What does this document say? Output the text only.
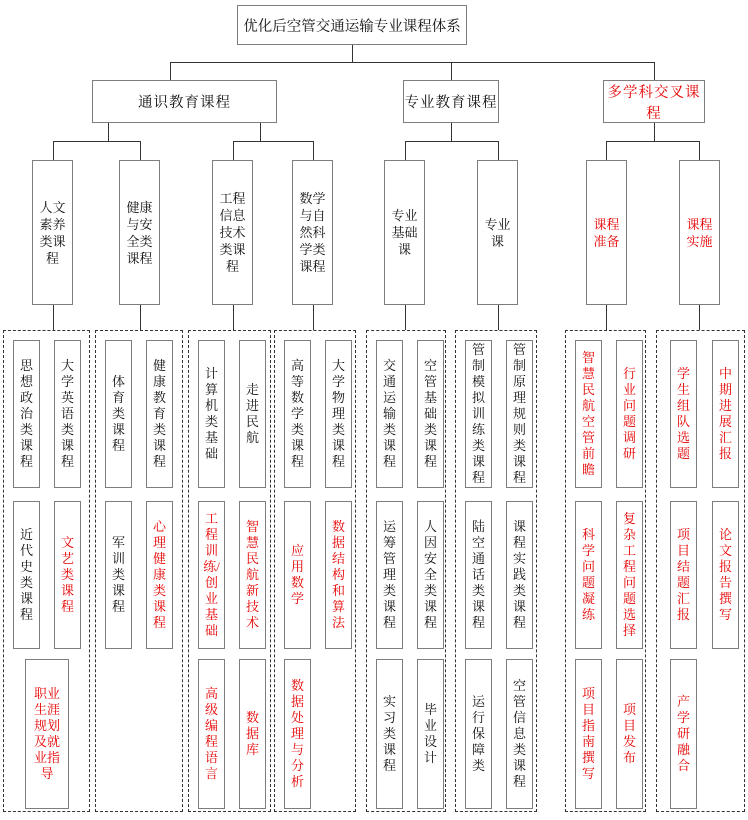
优化后空管交通运输专业课程体系
通识教育课程	专业教育课程
多学科交叉课程
人文素养类课程
健康与安全类课程
工程信息技术类课程
数学与自然科学类课程
专业基础课
专业课
课程准备
课程实施
思想政治类课程
大学英语类课程
近代史类课程
文艺类课程
职业生涯规划及就业指导
体育类课程
健康教育类课程
军训类课程
心理健康类课程
计算机类基础
走进民航
工程训练/创业基础
智慧民航新技术
高级编程语言
数据库
高等数学类课程
大学物理类课程
应用数学
数据结构和算法
数据处理与分析
交通运输类课程
空管基础类课程
运筹管理类课程
人因安全类课程
实习类课程
毕业设计
管制模拟训练类课程
管制原理规则类课程
陆空通话类课程
课程实践类课程
运行保障类
空管信息类课程
智慧民航空管前瞻
行业问题调研
科学问题凝练
复杂工程问题选择
项目指南撰写
项目发布
学生组队选题
中期进展汇报
项目结题汇报
论文报告撰写
产学研融合
